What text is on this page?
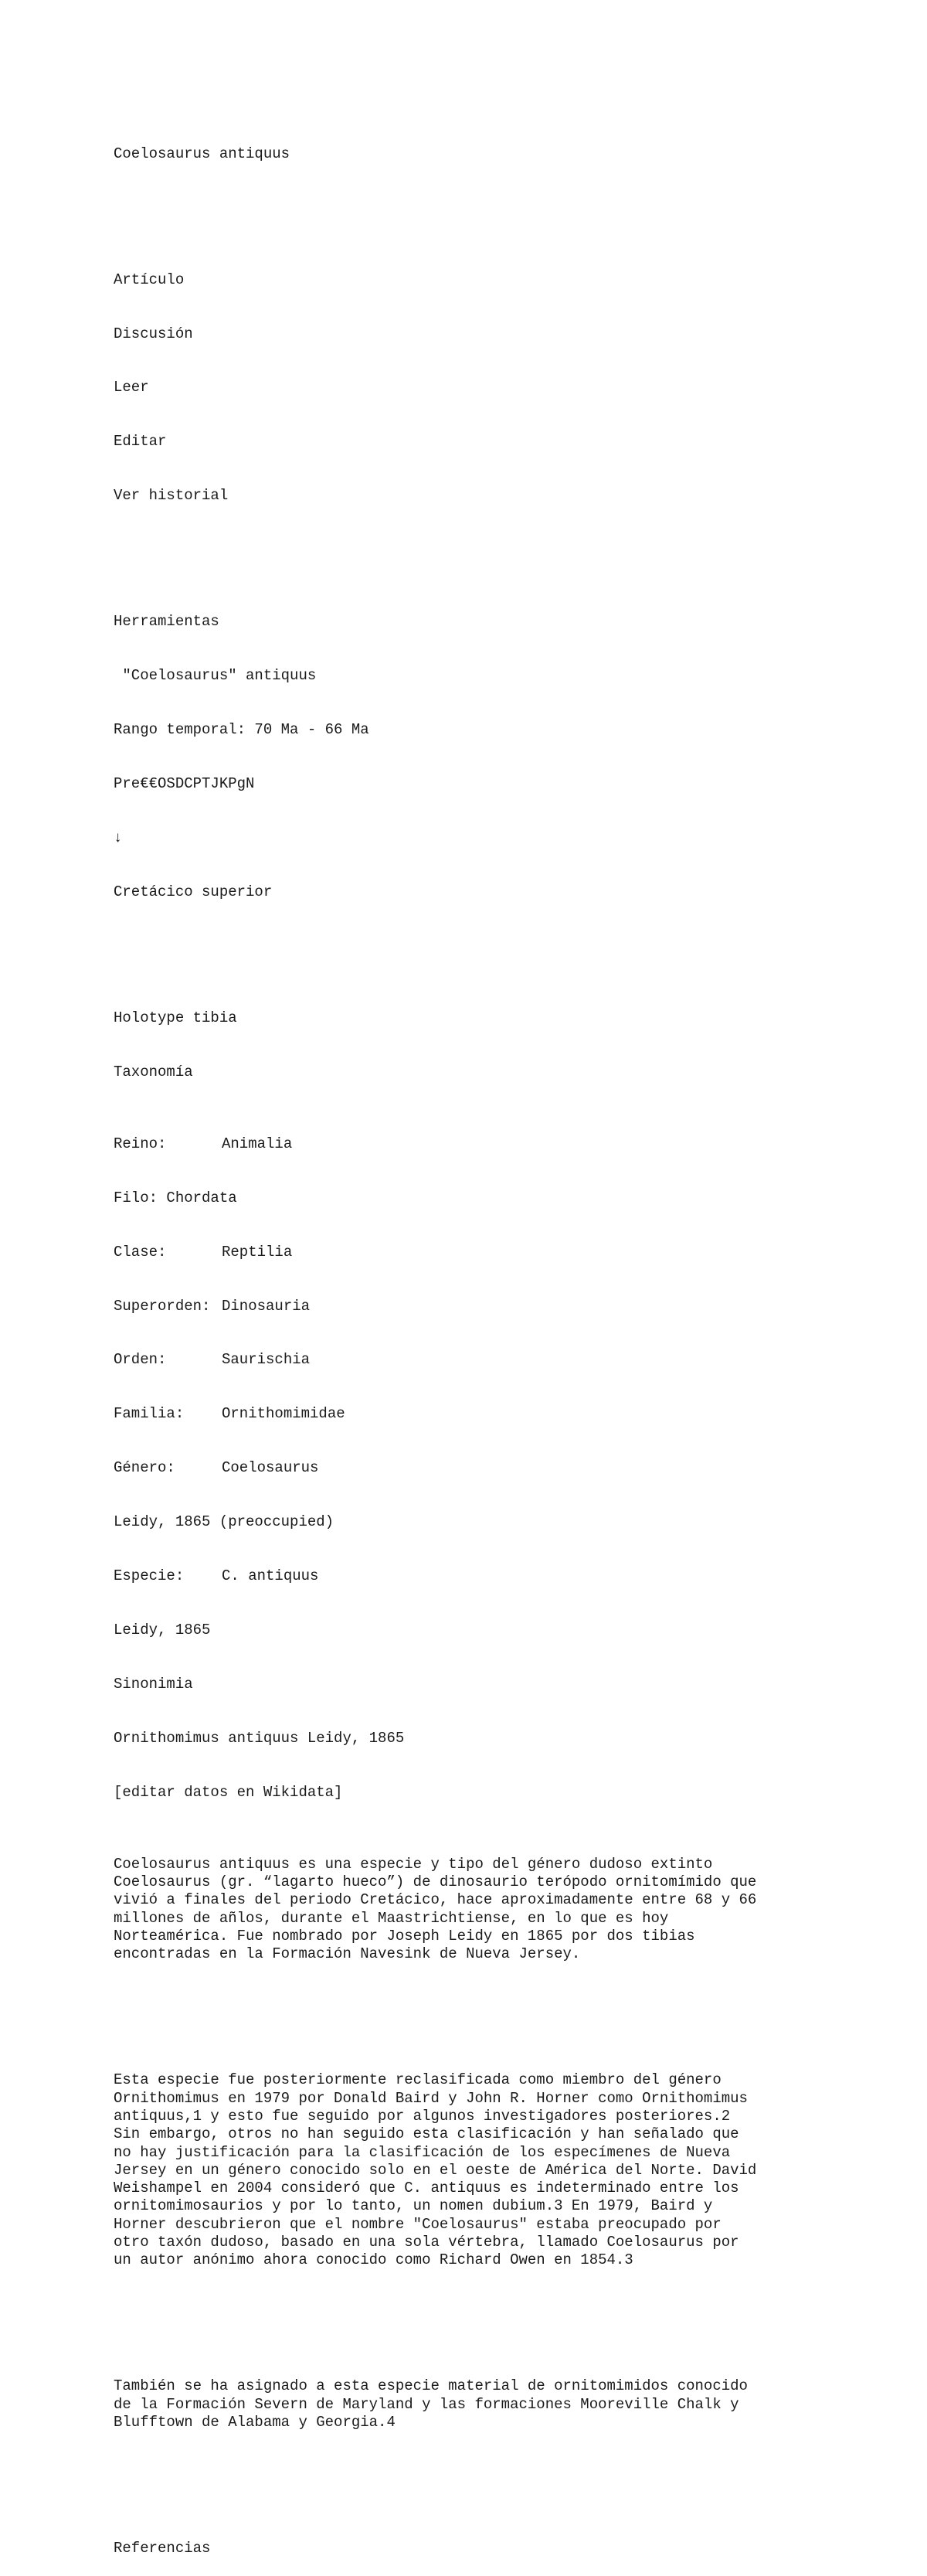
Coelosaurus antiquus

Artículo

Discusión

Leer

Editar

Ver historial

Herramientas

"Coelosaurus" antiquus

Rango temporal: 70 Ma - 66 Ma

Pre€€OSDCPTJKPgN

↓

Cretácico superior

Holotype tibia

Taxonomía

Reino:	Animalia

Filo: Chordata

Clase:	Reptilia

Superorden: Dinosauria

Orden:	Saurischia

Familia:	Ornithomimidae

Género:	Coelosaurus

Leidy, 1865 (preoccupied)

Especie:	C. antiquus

Leidy, 1865

Sinonimia

Ornithomimus antiquus Leidy, 1865

[editar datos en Wikidata]

Coelosaurus antiquus es una especie y tipo del género dudoso extinto
Coelosaurus (gr. “lagarto hueco”) de dinosaurio terópodo ornitomímido que
vivió a finales del periodo Cretácico, hace aproximadamente entre 68 y 66
millones de añlos, durante el Maastrichtiense, en lo que es hoy
Norteamérica. Fue nombrado por Joseph Leidy en 1865 por dos tibias
encontradas en la Formación Navesink de Nueva Jersey.

Esta especie fue posteriormente reclasificada como miembro del género
Ornithomimus en 1979 por Donald Baird y John R. Horner como Ornithomimus
antiquus,1 y esto fue seguido por algunos investigadores posteriores.2
Sin embargo, otros no han seguido esta clasificación y han señalado que
no hay justificación para la clasificación de los especímenes de Nueva
Jersey en un género conocido solo en el oeste de América del Norte. David
Weishampel en 2004 consideró que C. antiquus es indeterminado entre los
ornitomimosaurios y por lo tanto, un nomen dubium.3 En 1979, Baird y
Horner descubrieron que el nombre "Coelosaurus" estaba preocupado por
otro taxón dudoso, basado en una sola vértebra, llamado Coelosaurus por
un autor anónimo ahora conocido como Richard Owen en 1854.3

También se ha asignado a esta especie material de ornitomimidos conocido
de la Formación Severn de Maryland y las formaciones Mooreville Chalk y
Blufftown de Alabama y Georgia.4

Referencias
